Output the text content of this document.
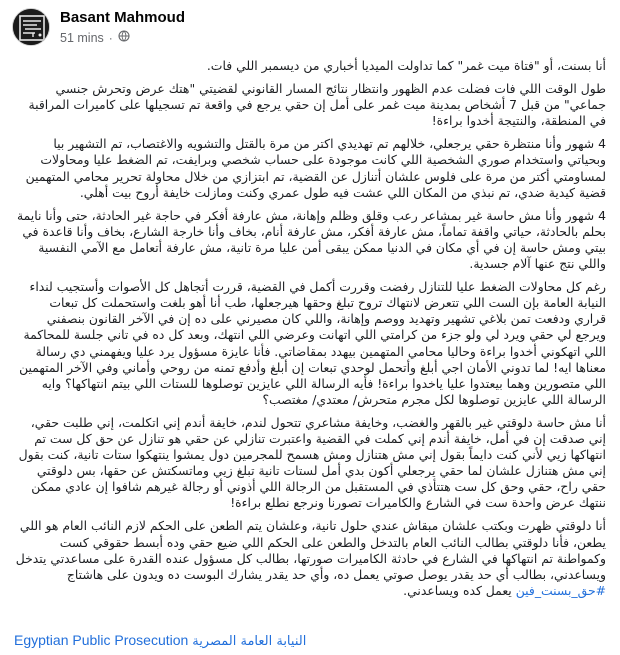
Basant Mahmoud
51 mins ·

أنا بسنت، أو "فتاة ميت غمر" كما تداولت الميديا أخباري من ديسمبر اللي فات.

طول الوقت اللي فات فضلت عدم الظهور وانتظار نتائج المسار القانوني لقضيتي "هتك عرض وتحرش جنسي جماعي" من قبل 7 أشخاص بمدينة ميت غمر على أمل إن حقي يرجع في واقعة تم تسجيلها على كاميرات المراقبة في المنطقة، والنتيجة أخدوا براءة!

4 شهور وأنا منتظرة حقي يرجعلي، خلالهم تم تهديدي اكتر من مرة بالقتل والتشويه والاغتصاب، تم التشهير بيا وبحياتي واستخدام صوري الشخصية اللي كانت موجودة على حساب شخصي وبرايفت، تم الضغط عليا ومحاولات لمساومتي أكتر من مرة على فلوس علشان أتنازل عن القضية، تم ابتزازي من خلال محاولة تحرير محامي المتهمين قضية كيدية ضدي، تم نبذي من المكان اللي عشت فيه طول عمري وكنت ومازلت خايفة أروح بيت أهلي.

4 شهور وأنا مش حاسة غير بمشاعر رعب وقلق وظلم وإهانة، مش عارفة أفكر في حاجة غير الحادثة، حتى وأنا نايمة بحلم بالحادثة، حياتي واقفة تماماً، مش عارفة أفكر، مش عارفة أنام، بخاف وأنا خارجة الشارع، بخاف وأنا قاعدة في بيتي ومش حاسة إن في أي مكان في الدنيا ممكن يبقى أمن عليا مرة تانية، مش عارفة أتعامل مع الآمي النفسية واللي نتج عنها آلام جسدية.

رغم كل محاولات الضغط عليا للتنازل رفضت وقررت أكمل في القضية، قررت أتجاهل كل الأصوات وأستجيب لنداء النيابة العامة بإن الست اللي تتعرض لانتهاك تروح تبلغ وحقها هيرجعلها، طب أنا أهو بلغت واستحملت كل تبعات قراري ودفعت تمن بلاغي تشهير وتهديد ووصم وإهانة، واللي كان مصيرني على ده إن في الآخر القانون بنصفني ويرجع لي حقي ويرد لي ولو جزء من كرامتي اللي اتهانت وعرضي اللي انتهك، وبعد كل ده في تاني جلسة للمحاكمة اللي اتهكوني أخدوا براءة وحاليا محامي المتهمين بيهدد بمقاضاتي. فأنا عايزة مسؤول يرد عليا ويفهمني دي رسالة معناها ايه! لما تدوني الأمان اجي أبلغ وأتحمل لوحدي تبعات إن أبلغ وأدفع تمنه من روحي وأماني وفي الآخر المتهمين اللي متصورين وهما بيعتدوا عليا ياخدوا براءة! فأيه الرسالة اللي عايزين توصلوها للستات اللي بيتم انتهاكها؟ وايه الرسالة اللي عايزين توصلوها لكل مجرم متحرش/ معتدي/ مغتصب؟

أنا مش حاسة دلوقتي غير بالقهر والغضب، وخايفة مشاعري تتحول لندم، خايفة أندم إني اتكلمت، إني طلبت حقي، إني صدقت إن في أمل، خايفة أندم إني كملت في القضية واعتبرت تنازلي عن حقي هو تنازل عن حق كل ست تم انتهاكها زيي لأني كنت دايماً بقول إني مش هتنازل ومش هسمح للمجرمين دول يمشوا ينتهكوا ستات تانية، كنت بقول إني مش هتنازل علشان لما حقي يرجعلي أكون بدي أمل لستات تانية تبلغ زيي وماتسكتش عن حقها، بس دلوقتي حقي راح، حقي وحق كل ست هتتأذي في المستقبل من الرجالة اللي أذوني أو رجالة غيرهم شافوا إن عادي ممكن ننتهك عرض واحدة ست في الشارع والكاميرات تصورنا ونرجع نطلع براءة!

أنا دلوقتي ظهرت وبكتب علشان مبقاش عندي حلول تانية، وعلشان يتم الطعن على الحكم لازم النائب العام هو اللي يطعن، فأنا دلوقتي بطالب النائب العام بالتدخل والطعن على الحكم اللي ضيع حقي وده أبسط حقوقي كست وكمواطنة تم انتهاكها في الشارع في حادثة الكاميرات صورتها، بطالب كل مسؤول عنده القدرة على مساعدتي يتدخل ويساعدني، بطالب أي حد يقدر يوصل صوتي يعمل ده، وأي حد يقدر يشارك البوست ده ويدون على هاشتاج #حق_بسنت_فين يعمل كده ويساعدني.

Egyptian Public Prosecution النيابة العامة المصرية
